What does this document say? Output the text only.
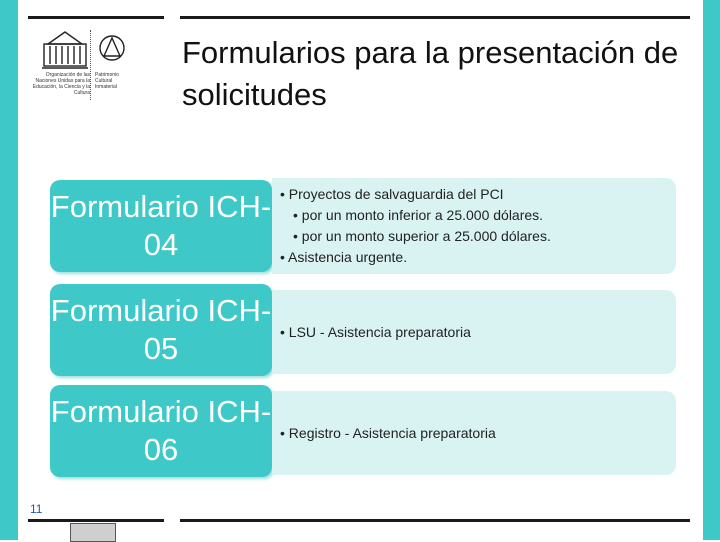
Organización de las Naciones Unidas para la Educación, la Ciencia y la Cultura
Patrimonio Cultural Inmaterial
Formularios para la presentación de solicitudes
Formulario ICH-04
• Proyectos de salvaguardia del PCI
• por un monto inferior a 25.000 dólares.
• por un monto superior a 25.000 dólares.
• Asistencia urgente.
Formulario ICH-05	• LSU - Asistencia preparatoria
Formulario ICH-06	• Registro - Asistencia preparatoria
11
